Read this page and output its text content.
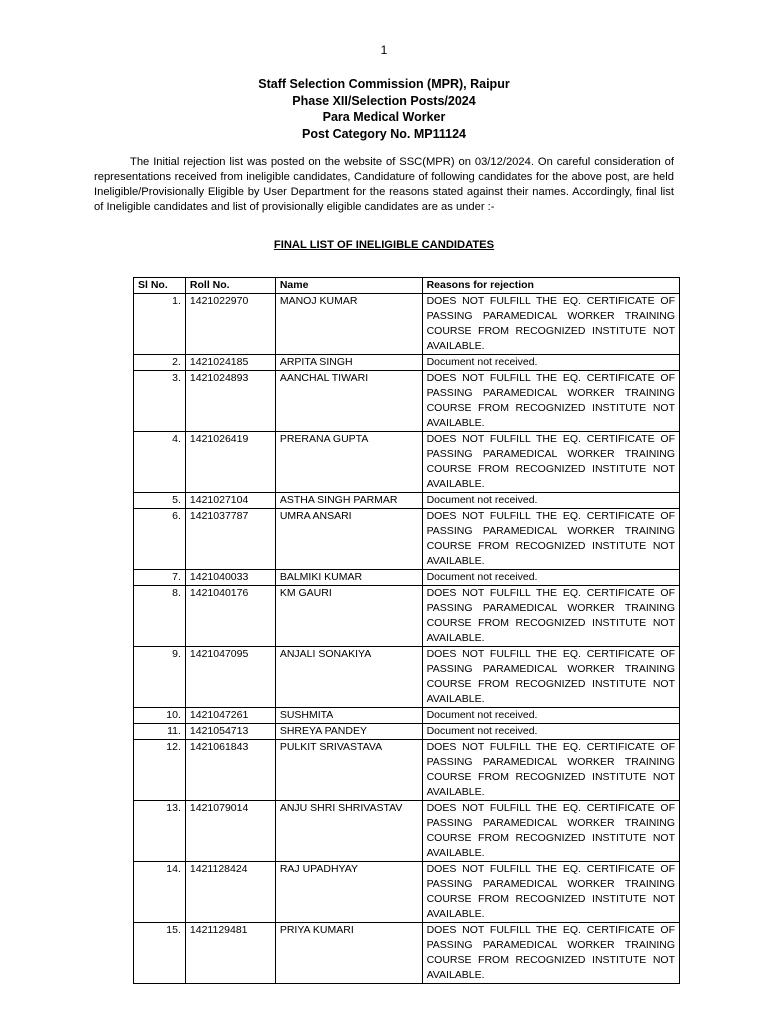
1
Staff Selection Commission (MPR), Raipur
Phase XII/Selection Posts/2024
Para Medical Worker
Post Category No. MP11124
The Initial rejection list was posted on the website of SSC(MPR) on 03/12/2024. On careful consideration of representations received from ineligible candidates, Candidature of following candidates for the above post, are held Ineligible/Provisionally Eligible by User Department for the reasons stated against their names. Accordingly, final list of Ineligible candidates and list of provisionally eligible candidates are as under :-
FINAL LIST OF INELIGIBLE CANDIDATES
Sl No.	Roll No.	Name	Reasons for rejection
1.	1421022970	MANOJ KUMAR	DOES NOT FULFILL THE EQ. CERTIFICATE OF PASSING PARAMEDICAL WORKER TRAINING COURSE FROM RECOGNIZED INSTITUTE NOT AVAILABLE.
2.	1421024185	ARPITA SINGH	Document not received.
3.	1421024893	AANCHAL TIWARI	DOES NOT FULFILL THE EQ. CERTIFICATE OF PASSING PARAMEDICAL WORKER TRAINING COURSE FROM RECOGNIZED INSTITUTE NOT AVAILABLE.
4.	1421026419	PRERANA GUPTA	DOES NOT FULFILL THE EQ. CERTIFICATE OF PASSING PARAMEDICAL WORKER TRAINING COURSE FROM RECOGNIZED INSTITUTE NOT AVAILABLE.
5.	1421027104	ASTHA SINGH PARMAR	Document not received.
6.	1421037787	UMRA ANSARI	DOES NOT FULFILL THE EQ. CERTIFICATE OF PASSING PARAMEDICAL WORKER TRAINING COURSE FROM RECOGNIZED INSTITUTE NOT AVAILABLE.
7.	1421040033	BALMIKI KUMAR	Document not received.
8.	1421040176	KM GAURI	DOES NOT FULFILL THE EQ. CERTIFICATE OF PASSING PARAMEDICAL WORKER TRAINING COURSE FROM RECOGNIZED INSTITUTE NOT AVAILABLE.
9.	1421047095	ANJALI SONAKIYA	DOES NOT FULFILL THE EQ. CERTIFICATE OF PASSING PARAMEDICAL WORKER TRAINING COURSE FROM RECOGNIZED INSTITUTE NOT AVAILABLE.
10.	1421047261	SUSHMITA	Document not received.
11.	1421054713	SHREYA PANDEY	Document not received.
12.	1421061843	PULKIT SRIVASTAVA	DOES NOT FULFILL THE EQ. CERTIFICATE OF PASSING PARAMEDICAL WORKER TRAINING COURSE FROM RECOGNIZED INSTITUTE NOT AVAILABLE.
13.	1421079014	ANJU SHRI SHRIVASTAV	DOES NOT FULFILL THE EQ. CERTIFICATE OF PASSING PARAMEDICAL WORKER TRAINING COURSE FROM RECOGNIZED INSTITUTE NOT AVAILABLE.
14.	1421128424	RAJ UPADHYAY	DOES NOT FULFILL THE EQ. CERTIFICATE OF PASSING PARAMEDICAL WORKER TRAINING COURSE FROM RECOGNIZED INSTITUTE NOT AVAILABLE.
15.	1421129481	PRIYA KUMARI	DOES NOT FULFILL THE EQ. CERTIFICATE OF PASSING PARAMEDICAL WORKER TRAINING COURSE FROM RECOGNIZED INSTITUTE NOT AVAILABLE.
